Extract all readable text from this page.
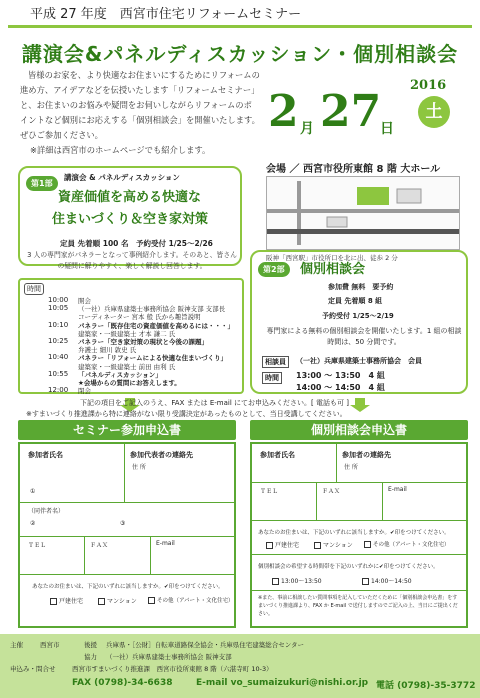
平成 27 年度　西宮市住宅リフォームセミナー
講演会&パネルディスカッション・個別相談会
皆様のお家を、より快適なお住まいにするためにリフォームの進め方、アイデアなどを伝授いたします「リフォームセミナー」と、お住まいのお悩みや疑問をお伺いしながらリフォームのポイントなど個別にお応えする「個別相談会」を開催いたします。ぜひご参加ください。
※詳細は西宮市のホームページでも紹介します。
2 月 27
日
2016
土
会場 ／ 西宮市役所東館 8 階 大ホール
阪神「西宮駅」市役所口を北に出、徒歩 2 分
第1部
講演会 & パネルディスカッション
資産価値を高める快適な
住まいづくり＆空き家対策
定員 先着順 100 名　予約受付 1/25～2/26
3 人の専門家がパネラーとなって事例紹介します。そのあと、皆さんの疑問に解りやすく、楽しく解説し回答します。
時間
10:00 開会
10:05 （一社）兵庫県建築士事務所協会 阪神支部 支部長
コーディネーター 宮本 般 氏から趣旨説明
10:10 パネラー「既存住宅の資産価値を高めるには・・・」
建築家・一級建築士 才本 謙二 氏
10:25 パネラー「空き家対策の現状と今後の課題」
弁護士 細川 敦史 氏
10:40 パネラー「リフォームによる快適な住まいづくり」
建築家・一級建築士 前田 由利 氏
10:55 「パネルディスカッション」
★会場からの質問にお答えします。
12:00 閉会
第2部	個別相談会
参加費 無料　要予約
定員 先着順 8 組
予約受付 1/25～2/19
専門家による無料の個別相談会を開催いたします。1 組の相談時間は、50 分間です。
相談員	（一社）兵庫県建築士事務所協会　会員
時間	13:00 ～ 13:50　4 組
14:00 ～ 14:50　4 組
下記の項目をご記入のうえ、FAX または E-mail にてお申込みください。[ 電話も可 ]
※すまいづくり推進課から特に連絡がない限り受講決定があったものとして、当日受講してください。
セミナー参加申込書
参加者氏名	参加代表者の連絡先
住 所
①
（同伴者名）
②	③
ＴＥＬ	ＦＡＸ	E-mail
あなたのお住まいは、下記のいずれに該当しますか。✔印をつけてください。
戸建住宅	マンション	その他（アパート・文化住宅）
個別相談会申込書
参加者氏名	参加者の連絡先
住 所
ＴＥＬ	ＦＡＸ	E-mail
あなたのお住まいは、下記のいずれに該当しますか。✔印をつけてください。
戸建住宅	マンション	その他（アパート・文化住宅）
個別相談会の希望する時間帯を下記のいずれかに✔印をつけてください。
13:00～13:50	14:00～14:50
※また、事前に相談したい質問事項を記入していただくために「個別相談会申込書」をすまいづくり推進課より、FAX か E-mail で送付しますのでご記入の上、当日にご提出ください。
主催	西宮市	後援 兵庫県・［公財］自転車道路保全協会・兵庫県住宅建築総合センター
協力 （一社）兵庫県建築士事務所協会 阪神支部
申込み・問合せ	西宮市すまいづくり推進課　西宮市役所東館 8 階（六湛寺町 10-3）
FAX (0798)-34-6638	E-mail vo_sumaizukuri@nishi.or.jp 電話 (0798)-35-3772
